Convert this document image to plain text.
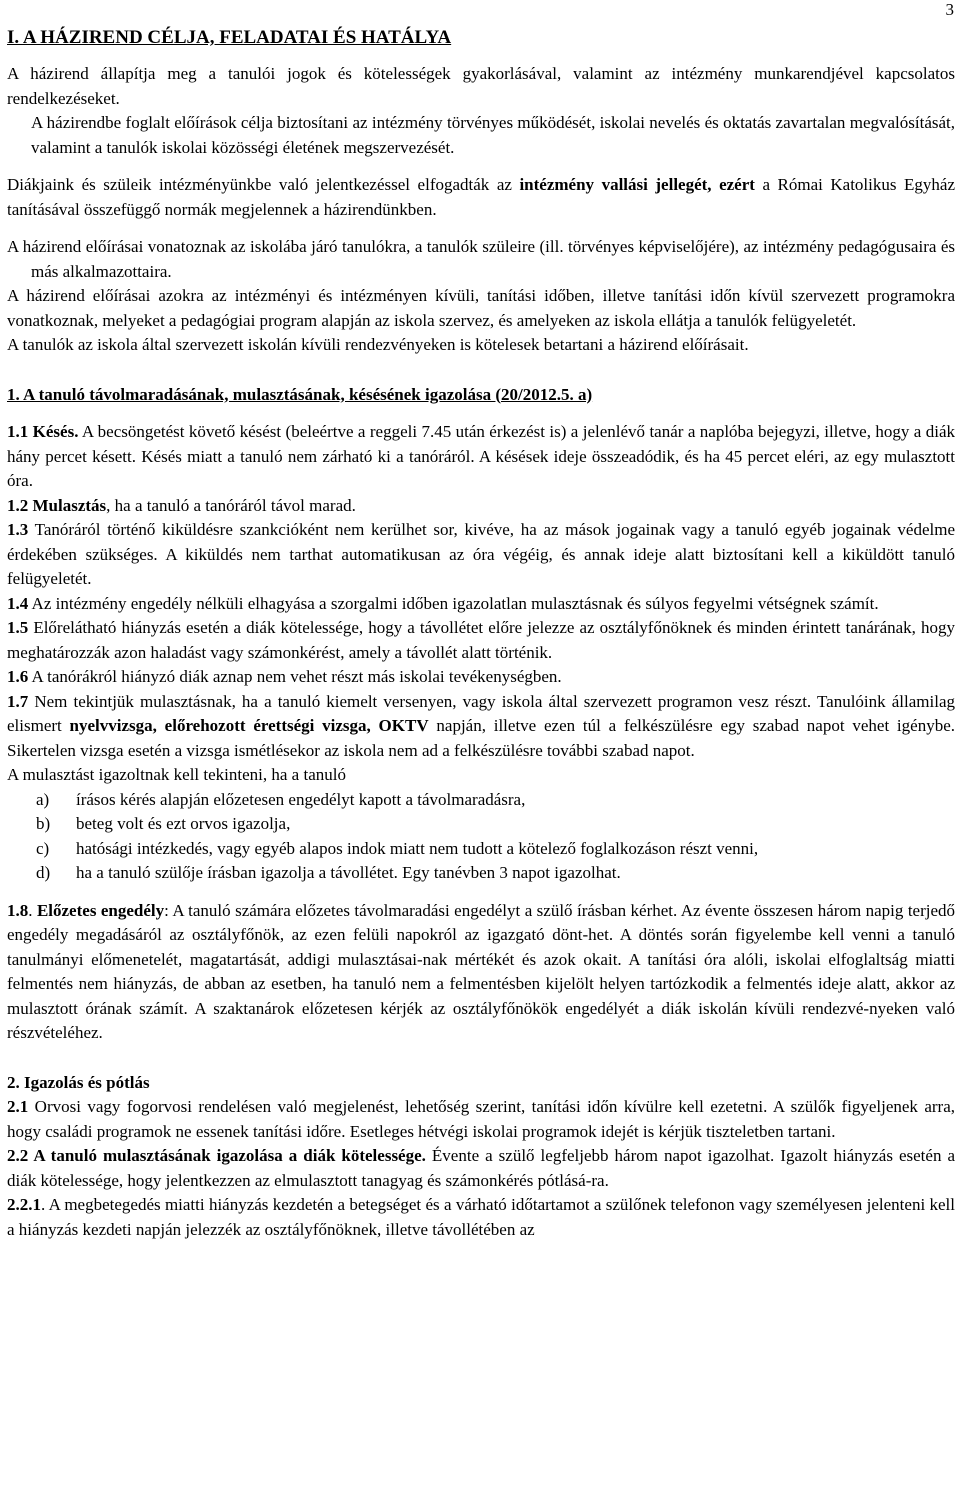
3
I. A HÁZIREND CÉLJA, FELADATAI ÉS HATÁLYA

A házirend állapítja meg a tanulói jogok és kötelességek gyakorlásával, valamint az intézmény munkarendjével kapcsolatos rendelkezéseket.

A házirendbe foglalt előírások célja biztosítani az intézmény törvényes működését, iskolai nevelés és oktatás zavartalan megvalósítását, valamint a tanulók iskolai közösségi életének megszervezését.

Diákjaink és szüleik intézményünkbe való jelentkezéssel elfogadták az intézmény vallási jellegét, ezért a Római Katolikus Egyház tanításával összefüggő normák megjelennek a házirendünkben.

A házirend előírásai vonatoznak az iskolába járó tanulókra, a tanulók szüleire (ill. törvényes képviselőjére), az intézmény pedagógusaira és más alkalmazottaira.

A házirend előírásai azokra az intézményi és intézményen kívüli, tanítási időben, illetve tanítási időn kívül szervezett programokra vonatkoznak, melyeket a pedagógiai program alapján az iskola szervez, és amelyeken az iskola ellátja a tanulók felügyeletét.

A tanulók az iskola által szervezett iskolán kívüli rendezvényeken is kötelesek betartani a házirend előírásait.

1. A tanuló távolmaradásának, mulasztásának, késésének igazolása (20/2012.5. a)

1.1 Késés. A becsöngetést követő késést (beleértve a reggeli 7.45 után érkezést is) a jelenlévő tanár a naplóba bejegyzi, illetve, hogy a diák hány percet késett. Késés miatt a tanuló nem zárható ki a tanóráról. A késések ideje összeadódik, és ha 45 percet eléri, az egy mulasztott óra.

1.2 Mulasztás, ha a tanuló a tanóráról távol marad.

1.3 Tanóráról történő kiküldésre szankcióként nem kerülhet sor, kivéve, ha az mások jogainak vagy a tanuló egyéb jogainak védelme érdekében szükséges. A kiküldés nem tarthat automatikusan az óra végéig, és annak ideje alatt biztosítani kell a kiküldött tanuló felügyeletét.

1.4 Az intézmény engedély nélküli elhagyása a szorgalmi időben igazolatlan mulasztásnak és súlyos fegyelmi vétségnek számít.

1.5 Előrelátható hiányzás esetén a diák kötelessége, hogy a távollétet előre jelezze az osztályfőnöknek és minden érintett tanárának, hogy meghatározzák azon haladást vagy számonkérést, amely a távollét alatt történik.

1.6 A tanórákról hiányzó diák aznap nem vehet részt más iskolai tevékenységben.

1.7 Nem tekintjük mulasztásnak, ha a tanuló kiemelt versenyen, vagy iskola által szervezett programon vesz részt. Tanulóink államilag elismert nyelvvizsga, előrehozott érettségi vizsga, OKTV napján, illetve ezen túl a felkészülésre egy szabad napot vehet igénybe. Sikertelen vizsga esetén a vizsga ismétlésekor az iskola nem ad a felkészülésre további szabad napot.

A mulasztást igazoltnak kell tekinteni, ha a tanuló

a)	írásos kérés alapján előzetesen engedélyt kapott a távolmaradásra,
b)	beteg volt és ezt orvos igazolja,
c)	hatósági intézkedés, vagy egyéb alapos indok miatt nem tudott a kötelező foglalkozáson részt venni,
d)	ha a tanuló szülője írásban igazolja a távollétet. Egy tanévben 3 napot igazolhat.

1.8. Előzetes engedély: A tanuló számára előzetes távolmaradási engedélyt a szülő írásban kérhet. Az évente összesen három napig terjedő engedély megadásáról az osztályfőnök, az ezen felüli napokról az igazgató dönt-het. A döntés során figyelembe kell venni a tanuló tanulmányi előmenetelét, magatartását, addigi mulasztásai-nak mértékét és azok okait. A tanítási óra alóli, iskolai elfoglaltság miatti felmentés nem hiányzás, de abban az esetben, ha tanuló nem a felmentésben kijelölt helyen tartózkodik a felmentés ideje alatt, akkor az mulasztott órának számít. A szaktanárok előzetesen kérjék az osztályfőnökök engedélyét a diák iskolán kívüli rendezvé-nyeken való részvételéhez.

2. Igazolás és pótlás

2.1 Orvosi vagy fogorvosi rendelésen való megjelenést, lehetőség szerint, tanítási időn kívülre kell ezetetni. A szülők figyeljenek arra, hogy családi programok ne essenek tanítási időre. Esetleges hétvégi iskolai programok idejét is kérjük tiszteletben tartani.

2.2 A tanuló mulasztásának igazolása a diák kötelessége. Évente a szülő legfeljebb három napot igazolhat. Igazolt hiányzás esetén a diák kötelessége, hogy jelentkezzen az elmulasztott tanagyag és számonkérés pótlásá-ra.

2.2.1. A megbetegedés miatti hiányzás kezdetén a betegséget és a várható időtartamot a szülőnek telefonon vagy személyesen jelenteni kell a hiányzás kezdeti napján jelezzék az osztályfőnöknek, illetve távollétében az
